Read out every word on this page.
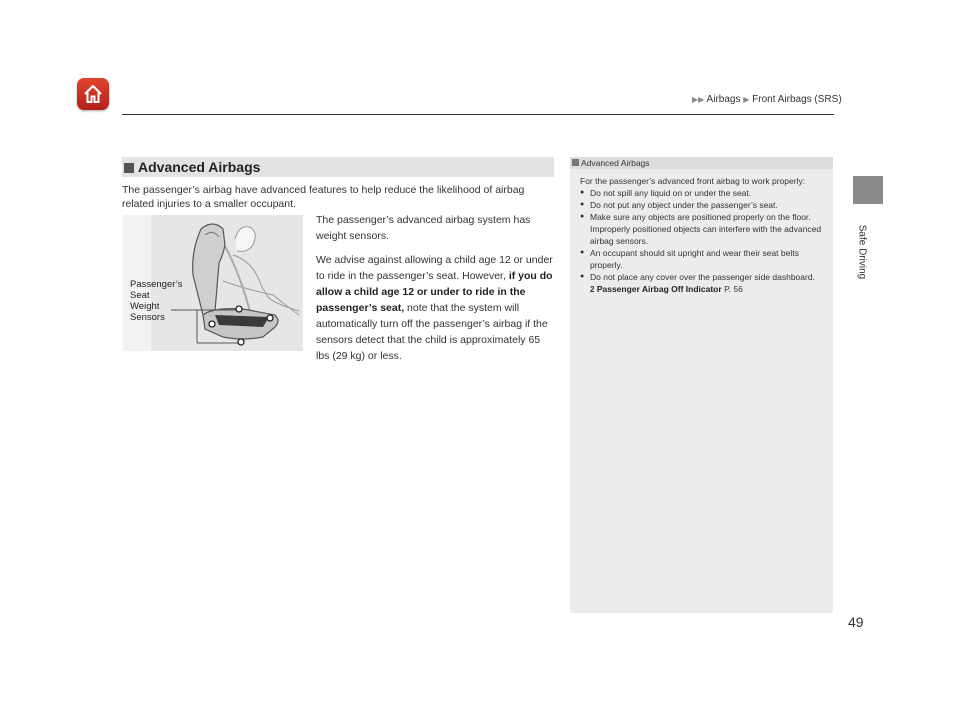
▶▶ Airbags ▶ Front Airbags (SRS)
Safe Driving
Advanced Airbags
The passenger’s airbag have advanced features to help reduce the likelihood of airbag related injuries to a smaller occupant.
Passenger’s
Seat
Weight
Sensors

The passenger’s advanced airbag system has weight sensors.

We advise against allowing a child age 12 or under to ride in the passenger’s seat. However, if you do allow a child age 12 or under to ride in the passenger’s seat, note that the system will automatically turn off the passenger’s airbag if the sensors detect that the child is approximately 65 lbs (29 kg) or less.

Advanced Airbags
For the passenger’s advanced front airbag to work properly:
● Do not spill any liquid on or under the seat.
● Do not put any object under the passenger’s seat.
● Make sure any objects are positioned properly on the floor. Improperly positioned objects can interfere with the advanced airbag sensors.
● An occupant should sit upright and wear their seat belts properly.
● Do not place any cover over the passenger side dashboard.
2 Passenger Airbag Off Indicator P. 56
49
